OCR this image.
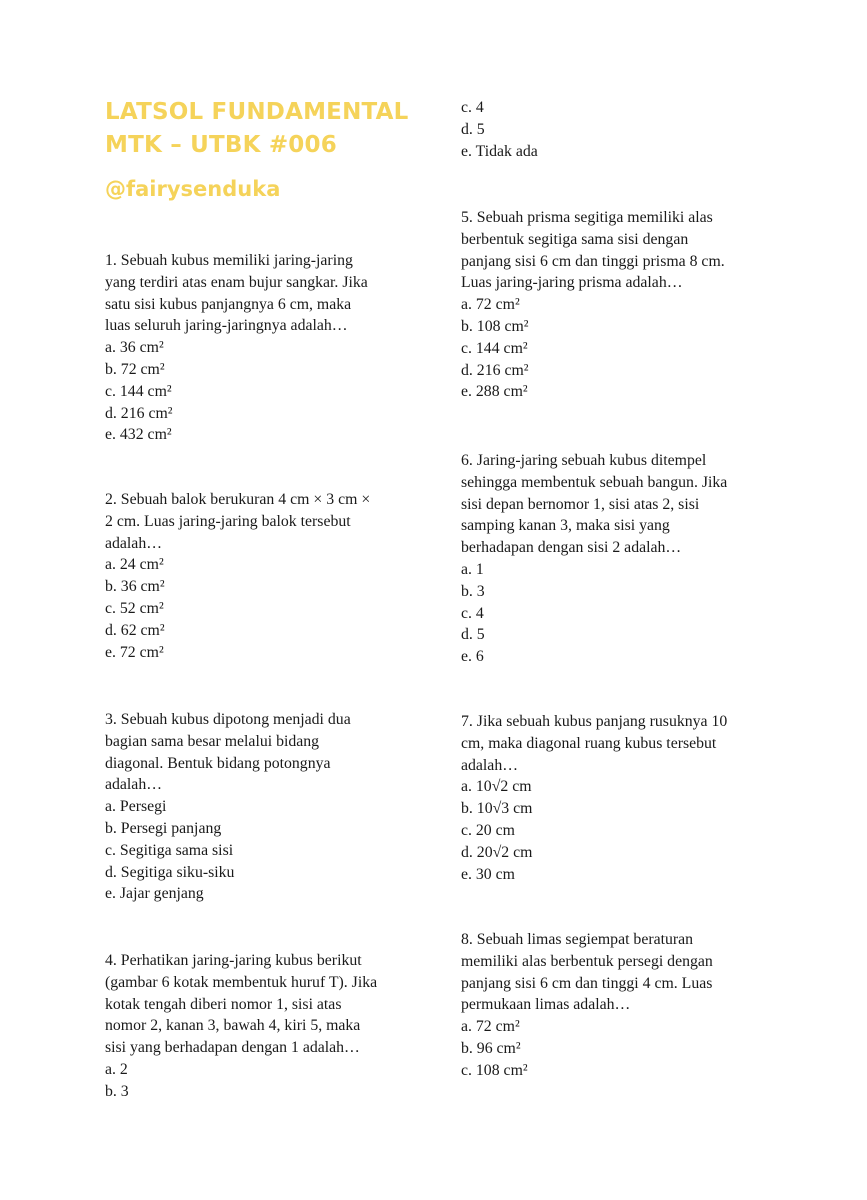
LATSOL FUNDAMENTAL
MTK – UTBK #006
@fairysenduka
1. Sebuah kubus memiliki jaring-jaring
yang terdiri atas enam bujur sangkar. Jika
satu sisi kubus panjangnya 6 cm, maka
luas seluruh jaring-jaringnya adalah…
a. 36 cm²
b. 72 cm²
c. 144 cm²
d. 216 cm²
e. 432 cm²
2. Sebuah balok berukuran 4 cm × 3 cm ×
2 cm. Luas jaring-jaring balok tersebut
adalah…
a. 24 cm²
b. 36 cm²
c. 52 cm²
d. 62 cm²
e. 72 cm²
3. Sebuah kubus dipotong menjadi dua
bagian sama besar melalui bidang
diagonal. Bentuk bidang potongnya
adalah…
a. Persegi
b. Persegi panjang
c. Segitiga sama sisi
d. Segitiga siku-siku
e. Jajar genjang
4. Perhatikan jaring-jaring kubus berikut
(gambar 6 kotak membentuk huruf T). Jika
kotak tengah diberi nomor 1, sisi atas
nomor 2, kanan 3, bawah 4, kiri 5, maka
sisi yang berhadapan dengan 1 adalah…
a. 2
b. 3
c. 4
d. 5
e. Tidak ada
5. Sebuah prisma segitiga memiliki alas
berbentuk segitiga sama sisi dengan
panjang sisi 6 cm dan tinggi prisma 8 cm.
Luas jaring-jaring prisma adalah…
a. 72 cm²
b. 108 cm²
c. 144 cm²
d. 216 cm²
e. 288 cm²
6. Jaring-jaring sebuah kubus ditempel
sehingga membentuk sebuah bangun. Jika
sisi depan bernomor 1, sisi atas 2, sisi
samping kanan 3, maka sisi yang
berhadapan dengan sisi 2 adalah…
a. 1
b. 3
c. 4
d. 5
e. 6
7. Jika sebuah kubus panjang rusuknya 10
cm, maka diagonal ruang kubus tersebut
adalah…
a. 10√2 cm
b. 10√3 cm
c. 20 cm
d. 20√2 cm
e. 30 cm
8. Sebuah limas segiempat beraturan
memiliki alas berbentuk persegi dengan
panjang sisi 6 cm dan tinggi 4 cm. Luas
permukaan limas adalah…
a. 72 cm²
b. 96 cm²
c. 108 cm²
